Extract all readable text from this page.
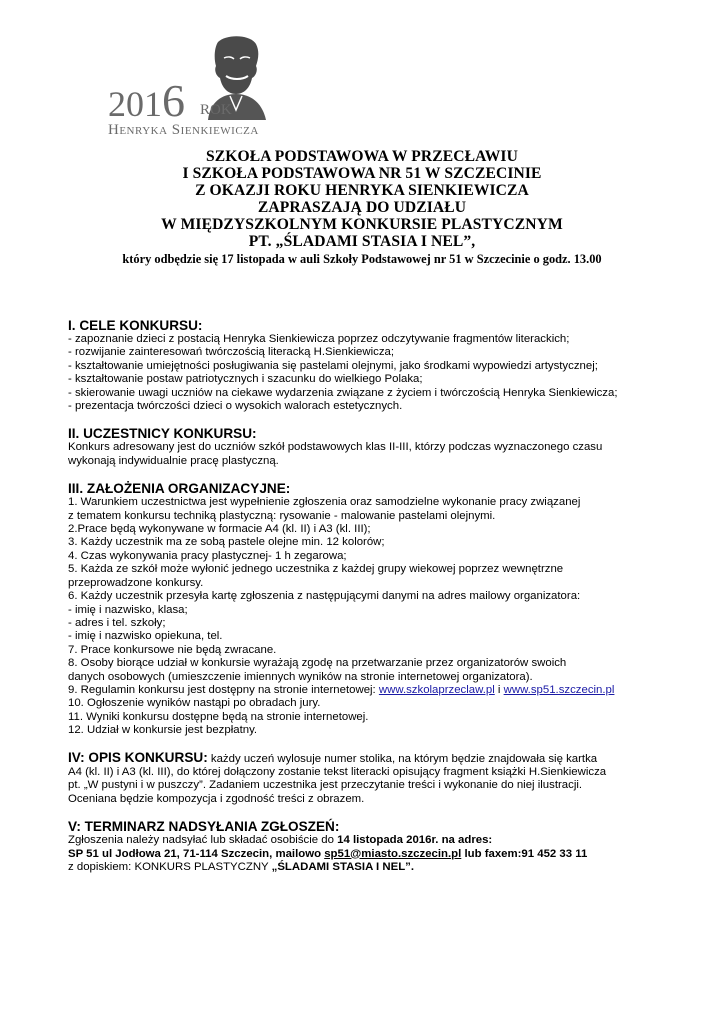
2016 ROK
Henryka Sienkiewicza
SZKOŁA PODSTAWOWA W PRZECŁAWIU
I SZKOŁA PODSTAWOWA NR 51 W SZCZECINIE
Z OKAZJI ROKU HENRYKA SIENKIEWICZA
ZAPRASZAJĄ DO UDZIAŁU
W MIĘDZYSZKOLNYM KONKURSIE PLASTYCZNYM
PT. „ŚLADAMI STASIA I NEL”,
który odbędzie się 17 listopada w auli Szkoły Podstawowej nr 51 w Szczecinie o godz. 13.00
I. CELE KONKURSU:
- zapoznanie dzieci z postacią Henryka Sienkiewicza poprzez odczytywanie fragmentów literackich;
- rozwijanie zainteresowań twórczością literacką H.Sienkiewicza;
- kształtowanie umiejętności posługiwania się pastelami olejnymi, jako środkami wypowiedzi artystycznej;
- kształtowanie postaw patriotycznych i szacunku do wielkiego Polaka;
- skierowanie uwagi uczniów na ciekawe wydarzenia związane z życiem i twórczością Henryka Sienkiewicza;
- prezentacja twórczości dzieci o wysokich walorach estetycznych.
II. UCZESTNICY KONKURSU:
Konkurs adresowany jest do uczniów szkół podstawowych klas II-III, którzy podczas wyznaczonego czasu
wykonają indywidualnie pracę plastyczną.
III. ZAŁOŻENIA ORGANIZACYJNE:
1. Warunkiem uczestnictwa jest wypełnienie zgłoszenia oraz samodzielne wykonanie pracy związanej
z tematem konkursu techniką plastyczną: rysowanie - malowanie pastelami olejnymi.
2.Prace będą wykonywane w formacie A4 (kl. II) i A3 (kl. III);
3. Każdy uczestnik ma ze sobą pastele olejne min. 12 kolorów;
4. Czas wykonywania pracy plastycznej- 1 h zegarowa;
5. Każda ze szkół może wyłonić jednego uczestnika z każdej grupy wiekowej poprzez wewnętrzne
przeprowadzone konkursy.
6. Każdy uczestnik przesyła kartę zgłoszenia z następującymi danymi na adres mailowy organizatora:
- imię i nazwisko, klasa;
- adres i tel. szkoły;
- imię i nazwisko opiekuna, tel.
7. Prace konkursowe nie będą zwracane.
8. Osoby biorące udział w konkursie wyrażają zgodę na przetwarzanie przez organizatorów swoich
danych osobowych (umieszczenie imiennych wyników na stronie internetowej organizatora).
9. Regulamin konkursu jest dostępny na stronie internetowej: www.szkolaprzeclaw.pl i www.sp51.szczecin.pl
10. Ogłoszenie wyników nastąpi po obradach jury.
11. Wyniki konkursu dostępne będą na stronie internetowej.
12. Udział w konkursie jest bezpłatny.
IV: OPIS KONKURSU: każdy uczeń wylosuje numer stolika, na którym będzie znajdowała się kartka
A4 (kl. II) i A3 (kl. III), do której dołączony zostanie tekst literacki opisujący fragment książki H.Sienkiewicza
pt. „W pustyni i w puszczy”. Zadaniem uczestnika jest przeczytanie treści i wykonanie do niej ilustracji.
Oceniana będzie kompozycja i zgodność treści z obrazem.
V: TERMINARZ NADSYŁANIA ZGŁOSZEŃ:
Zgłoszenia należy nadsyłać lub składać osobiście do 14 listopada 2016r. na adres:
SP 51 ul Jodłowa 21, 71-114 Szczecin, mailowo sp51@miasto.szczecin.pl lub faxem:91 452 33 11
z dopiskiem: KONKURS PLASTYCZNY „ŚLADAMI STASIA I NEL”.
